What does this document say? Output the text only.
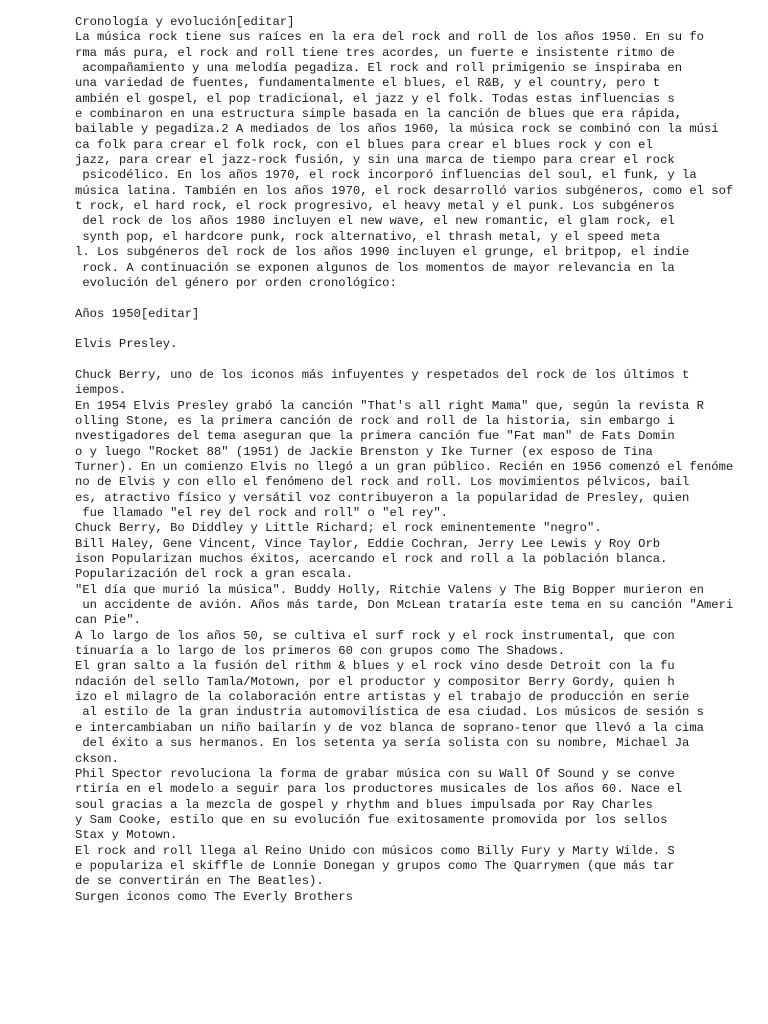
Cronología y evolución[editar]
La música rock tiene sus raíces en la era del rock and roll de los años 1950. En su fo
rma más pura, el rock and roll tiene tres acordes, un fuerte e insistente ritmo de
acompañamiento y una melodía pegadiza. El rock and roll primigenio se inspiraba en
una variedad de fuentes, fundamentalmente el blues, el R&B, y el country, pero t
ambién el gospel, el pop tradicional, el jazz y el folk. Todas estas influencias s
e combinaron en una estructura simple basada en la canción de blues que era rápida,
bailable y pegadiza.2 A mediados de los años 1960, la música rock se combinó con la músi
ca folk para crear el folk rock, con el blues para crear el blues rock y con el
jazz, para crear el jazz-rock fusión, y sin una marca de tiempo para crear el rock
psicodélico. En los años 1970, el rock incorporó influencias del soul, el funk, y la
música latina. También en los años 1970, el rock desarrolló varios subgéneros, como el sof
t rock, el hard rock, el rock progresivo, el heavy metal y el punk. Los subgéneros
del rock de los años 1980 incluyen el new wave, el new romantic, el glam rock, el
synth pop, el hardcore punk, rock alternativo, el thrash metal, y el speed meta
l. Los subgéneros del rock de los años 1990 incluyen el grunge, el britpop, el indie
rock. A continuación se exponen algunos de los momentos de mayor relevancia en la
evolución del género por orden cronológico:
Años 1950[editar]
Elvis Presley.
Chuck Berry, uno de los iconos más infuyentes y respetados del rock de los últimos t
iempos.
En 1954 Elvis Presley grabó la canción "That's all right Mama" que, según la revista R
olling Stone, es la primera canción de rock and roll de la historia, sin embargo i
nvestigadores del tema aseguran que la primera canción fue "Fat man" de Fats Domin
o y luego "Rocket 88" (1951) de Jackie Brenston y Ike Turner (ex esposo de Tina
Turner). En un comienzo Elvis no llegó a un gran público. Recién en 1956 comenzó el fenóme
no de Elvis y con ello el fenómeno del rock and roll. Los movimientos pélvicos, bail
es, atractivo físico y versátil voz contribuyeron a la popularidad de Presley, quien
fue llamado "el rey del rock and roll" o "el rey".
Chuck Berry, Bo Diddley y Little Richard; el rock eminentemente "negro".
Bill Haley, Gene Vincent, Vince Taylor, Eddie Cochran, Jerry Lee Lewis y Roy Orb
ison Popularizan muchos éxitos, acercando el rock and roll a la población blanca.
Popularización del rock a gran escala.
"El día que murió la música". Buddy Holly, Ritchie Valens y The Big Bopper murieron en
un accidente de avión. Años más tarde, Don McLean trataría este tema en su canción "Ameri
can Pie".
A lo largo de los años 50, se cultiva el surf rock y el rock instrumental, que con
tinuaría a lo largo de los primeros 60 con grupos como The Shadows.
El gran salto a la fusión del rithm & blues y el rock vino desde Detroit con la fu
ndación del sello Tamla/Motown, por el productor y compositor Berry Gordy, quien h
izo el milagro de la colaboración entre artistas y el trabajo de producción en serie
al estilo de la gran industria automovilística de esa ciudad. Los músicos de sesión s
e intercambiaban un niño bailarín y de voz blanca de soprano-tenor que llevó a la cima
del éxito a sus hermanos. En los setenta ya sería solista con su nombre, Michael Ja
ckson.
Phil Spector revoluciona la forma de grabar música con su Wall Of Sound y se conve
rtiría en el modelo a seguir para los productores musicales de los años 60. Nace el
soul gracias a la mezcla de gospel y rhythm and blues impulsada por Ray Charles
y Sam Cooke, estilo que en su evolución fue exitosamente promovida por los sellos
Stax y Motown.
El rock and roll llega al Reino Unido con músicos como Billy Fury y Marty Wilde. S
e populariza el skiffle de Lonnie Donegan y grupos como The Quarrymen (que más tar
de se convertirán en The Beatles).
Surgen iconos como The Everly Brothers
